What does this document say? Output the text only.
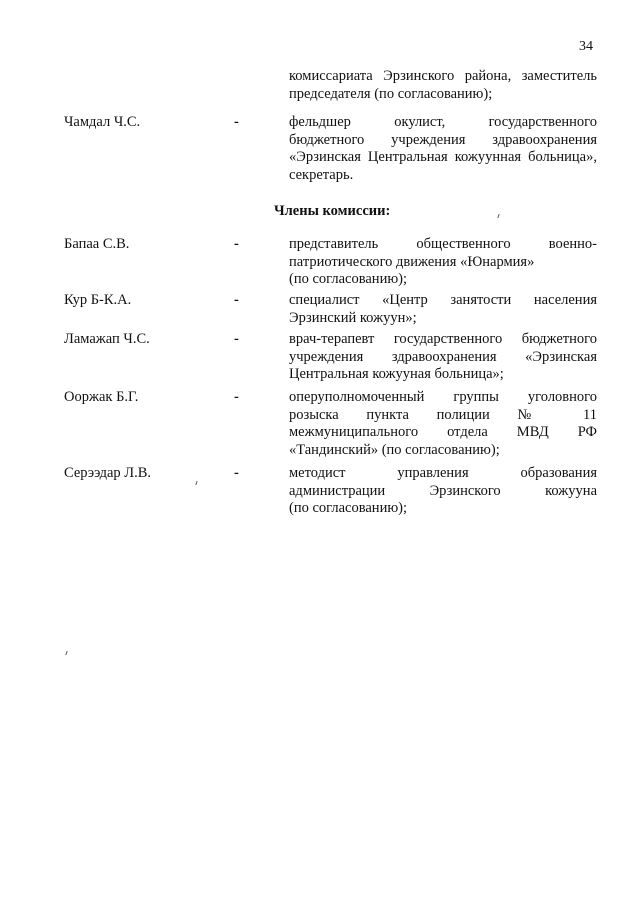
34
комиссариата Эрзинского района, заместитель
председателя (по согласованию);
Чамдал Ч.С.	-	фельдшер окулист, государственного
бюджетного учреждения здравоохранения
«Эрзинская Центральная кожуунная больница»,
секретарь.
Члены комиссии:
Бапаа С.В.	-	представитель общественного военно-
патриотического движения «Юнармия»
(по согласованию);
Кур Б-К.А.	-	специалист «Центр занятости населения
Эрзинский кожуун»;
Ламажап Ч.С.	-	врач-терапевт государственного бюджетного
учреждения здравоохранения «Эрзинская
Центральная кожууная больница»;
Ооржак Б.Г.	-	оперуполномоченный группы уголовного
розыска пункта полиции № 11
межмуниципального отдела МВД РФ
«Тандинский» (по согласованию);
Серээдар Л.В.	-	методист управления образования
администрации Эрзинского кожууна
(по согласованию);
